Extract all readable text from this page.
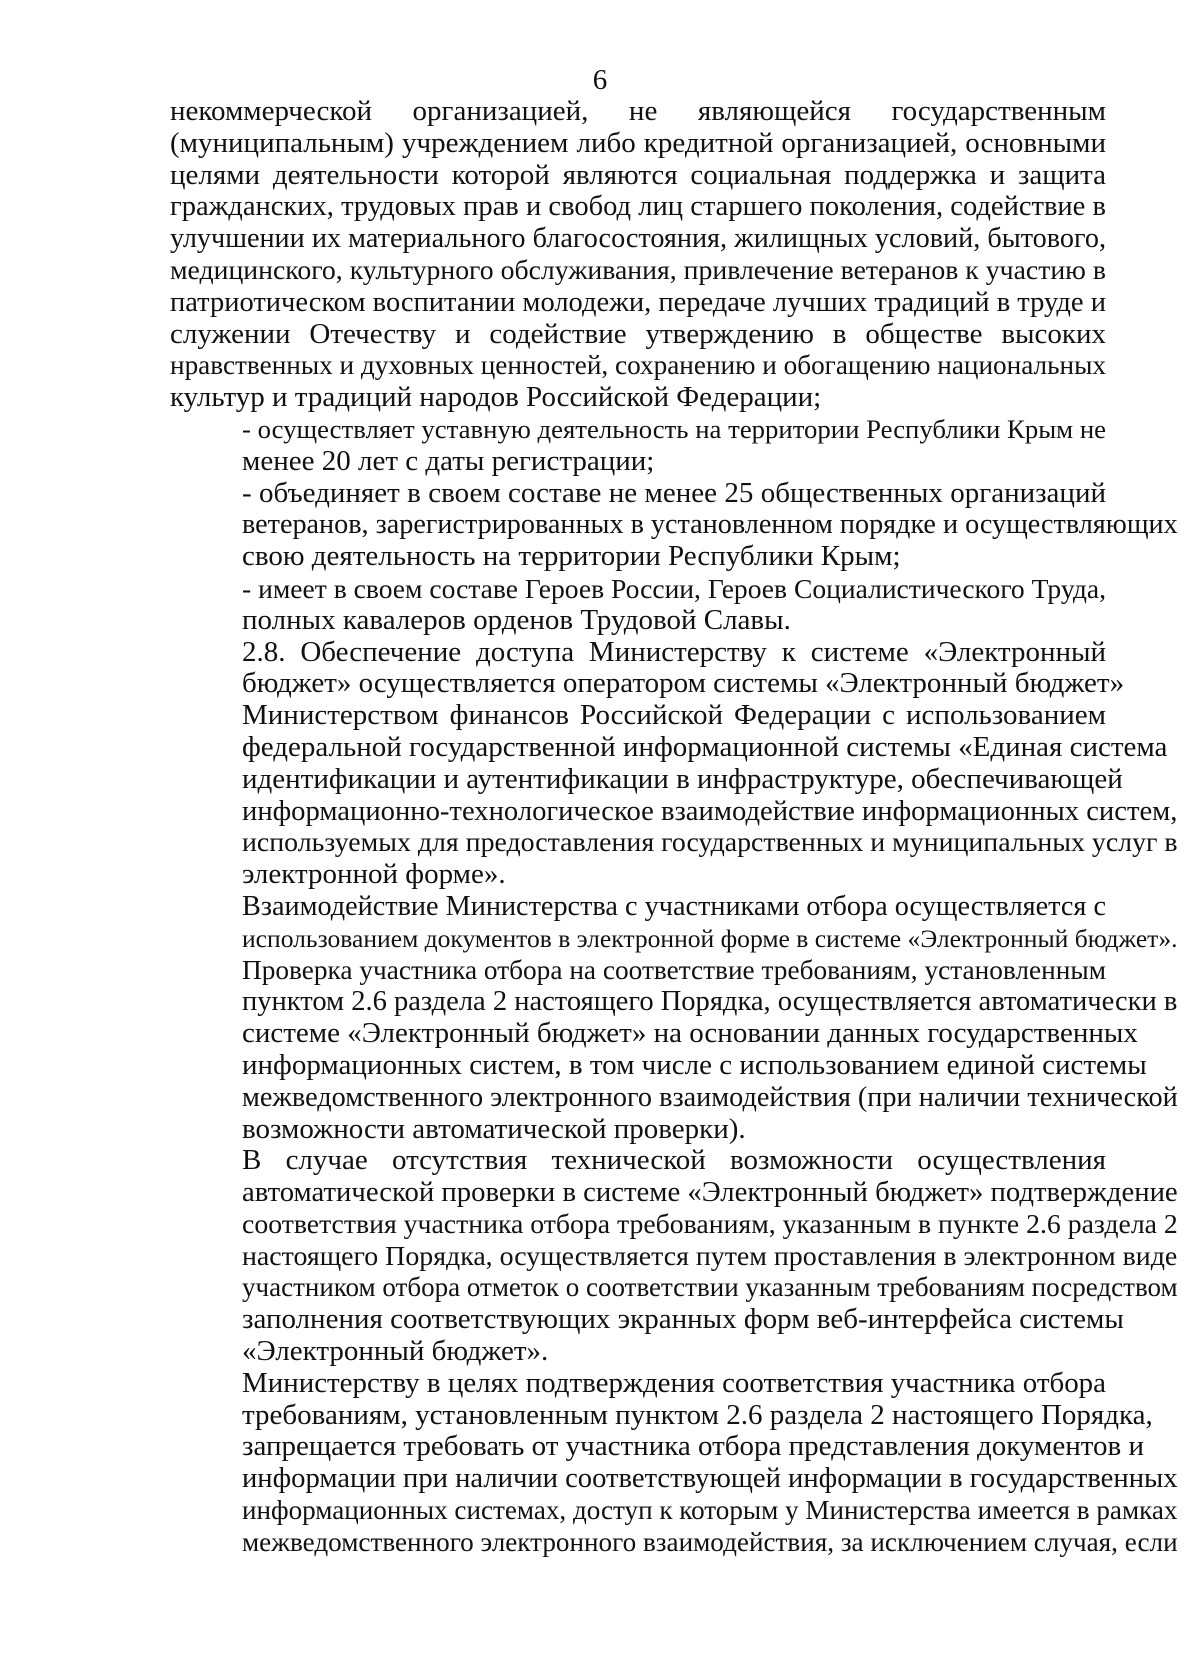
6
некоммерческой организацией, не являющейся государственным
(муниципальным) учреждением либо кредитной организацией, основными
целями деятельности которой являются социальная поддержка и защита
гражданских, трудовых прав и свобод лиц старшего поколения, содействие в
улучшении их материального благосостояния, жилищных условий, бытового,
медицинского, культурного обслуживания, привлечение ветеранов к участию в
патриотическом воспитании молодежи, передаче лучших традиций в труде и
служении Отечеству и содействие утверждению в обществе высоких
нравственных и духовных ценностей, сохранению и обогащению национальных
культур и традиций народов Российской Федерации;
- осуществляет уставную деятельность на территории Республики Крым не
менее 20 лет с даты регистрации;
- объединяет в своем составе не менее 25 общественных организаций
ветеранов, зарегистрированных в установленном порядке и осуществляющих
свою деятельность на территории Республики Крым;
- имеет в своем составе Героев России, Героев Социалистического Труда,
полных кавалеров орденов Трудовой Славы.
2.8. Обеспечение доступа Министерству к системе «Электронный
бюджет» осуществляется оператором системы «Электронный бюджет»
Министерством финансов Российской Федерации с использованием
федеральной государственной информационной системы «Единая система
идентификации и аутентификации в инфраструктуре, обеспечивающей
информационно-технологическое взаимодействие информационных систем,
используемых для предоставления государственных и муниципальных услуг в
электронной форме».
Взаимодействие Министерства с участниками отбора осуществляется с
использованием документов в электронной форме в системе «Электронный бюджет».
Проверка участника отбора на соответствие требованиям, установленным
пунктом 2.6 раздела 2 настоящего Порядка, осуществляется автоматически в
системе «Электронный бюджет» на основании данных государственных
информационных систем, в том числе с использованием единой системы
межведомственного электронного взаимодействия (при наличии технической
возможности автоматической проверки).
В случае отсутствия технической возможности осуществления
автоматической проверки в системе «Электронный бюджет» подтверждение
соответствия участника отбора требованиям, указанным в пункте 2.6 раздела 2
настоящего Порядка, осуществляется путем проставления в электронном виде
участником отбора отметок о соответствии указанным требованиям посредством
заполнения соответствующих экранных форм веб-интерфейса системы
«Электронный бюджет».
Министерству в целях подтверждения соответствия участника отбора
требованиям, установленным пунктом 2.6 раздела 2 настоящего Порядка,
запрещается требовать от участника отбора представления документов и
информации при наличии соответствующей информации в государственных
информационных системах, доступ к которым у Министерства имеется в рамках
межведомственного электронного взаимодействия, за исключением случая, если
